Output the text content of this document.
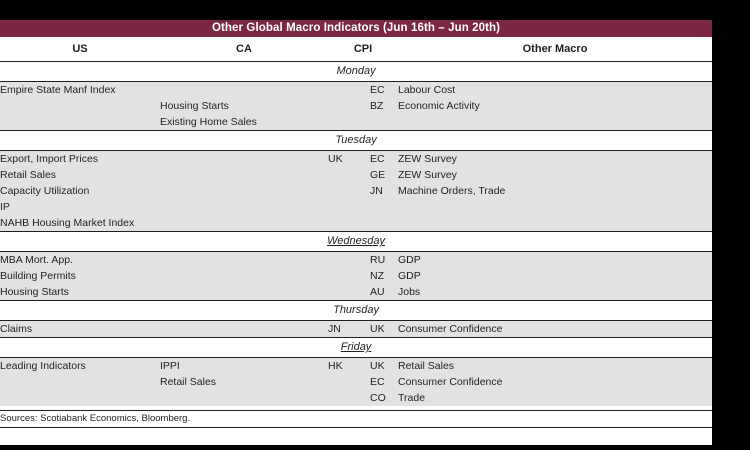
Other Global Macro Indicators (Jun 16th – Jun 20th)				
US	CA	CPI		Other Macro
Monday				
Empire State Manf Index			EC	Labour Cost
	Housing Starts		BZ	Economic Activity
	Existing Home Sales			
Tuesday				
Export, Import Prices		UK	EC	ZEW Survey
Retail Sales			GE	ZEW Survey
Capacity Utilization			JN	Machine Orders, Trade
IP				
NAHB Housing Market Index				
Wednesday				
MBA Mort. App.			RU	GDP
Building Permits			NZ	GDP
Housing Starts			AU	Jobs
Thursday				
Claims		JN	UK	Consumer Confidence
Friday				
Leading Indicators	IPPI	HK	UK	Retail Sales
	Retail Sales		EC	Consumer Confidence
			CO	Trade

Sources: Scotiabank Economics, Bloomberg.				
